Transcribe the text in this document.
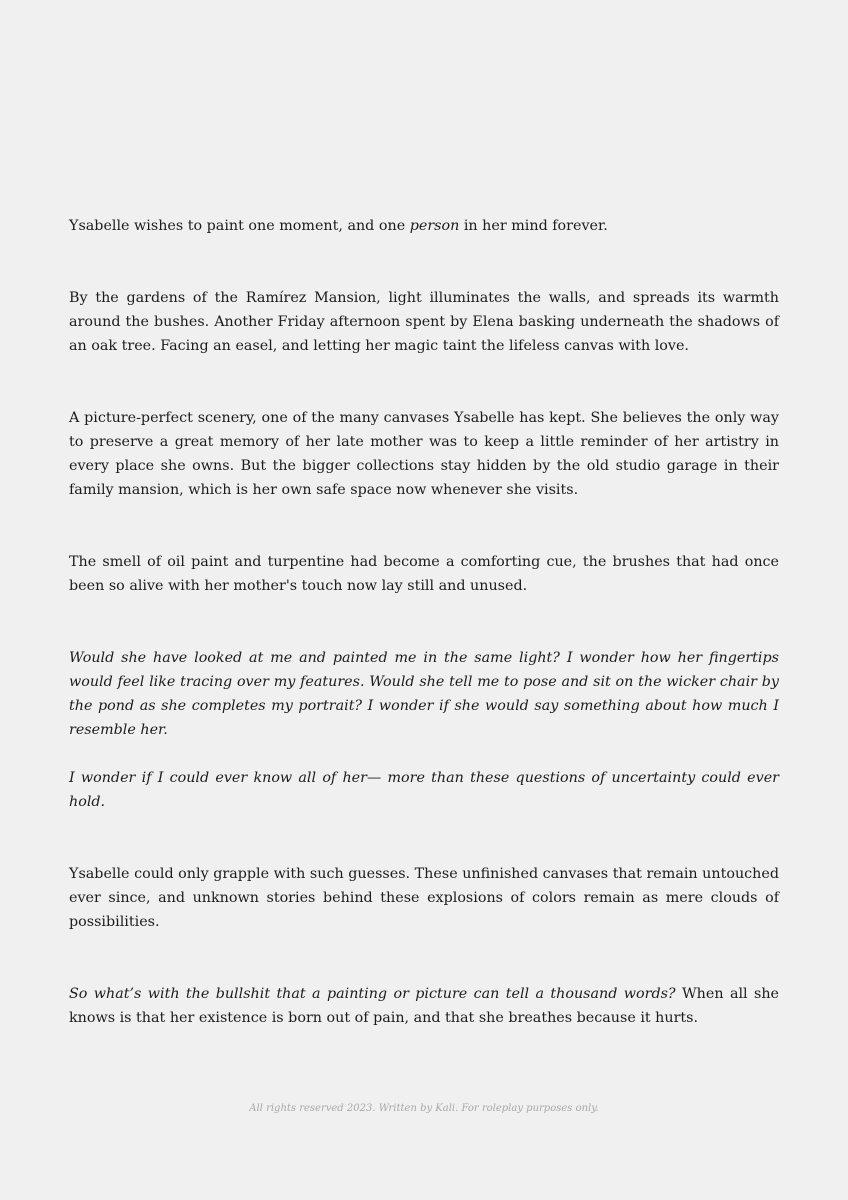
Ysabelle wishes to paint one moment, and one person in her mind forever.

By the gardens of the Ramírez Mansion, light illuminates the walls, and spreads its warmth around the bushes. Another Friday afternoon spent by Elena basking underneath the shadows of an oak tree. Facing an easel, and letting her magic taint the lifeless canvas with love.

A picture-perfect scenery, one of the many canvases Ysabelle has kept. She believes the only way to preserve a great memory of her late mother was to keep a little reminder of her artistry in every place she owns. But the bigger collections stay hidden by the old studio garage in their family mansion, which is her own safe space now whenever she visits.

The smell of oil paint and turpentine had become a comforting cue, the brushes that had once been so alive with her mother's touch now lay still and unused.

Would she have looked at me and painted me in the same light? I wonder how her fingertips would feel like tracing over my features. Would she tell me to pose and sit on the wicker chair by the pond as she completes my portrait? I wonder if she would say something about how much I resemble her.

I wonder if I could ever know all of her— more than these questions of uncertainty could ever hold.

Ysabelle could only grapple with such guesses. These unfinished canvases that remain untouched ever since, and unknown stories behind these explosions of colors remain as mere clouds of possibilities.

So what’s with the bullshit that a painting or picture can tell a thousand words? When all she knows is that her existence is born out of pain, and that she breathes because it hurts.

All rights reserved 2023. Written by Kali. For roleplay purposes only.
